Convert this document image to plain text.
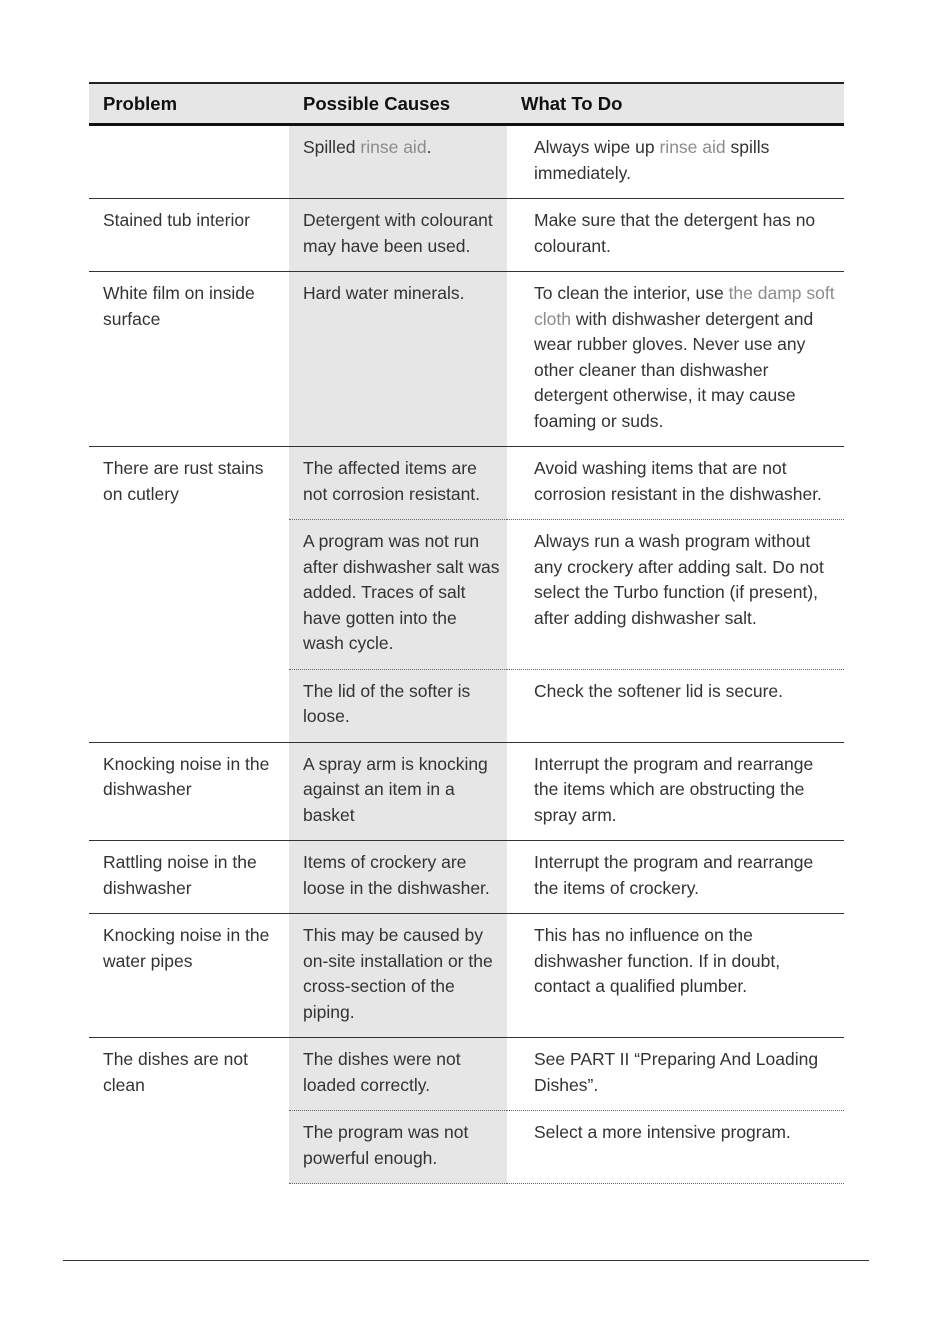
Problem	Possible Causes	What To Do
	Spilled rinse aid.	Always wipe up rinse aid spills immediately.
Stained tub interior	Detergent with colourant may have been used.	Make sure that the detergent has no colourant.
White film on inside surface	Hard water minerals.	To clean the interior, use the damp soft cloth with dishwasher detergent and wear rubber gloves. Never use any other cleaner than dishwasher detergent otherwise, it may cause foaming or suds.
There are rust stains on cutlery	The affected items are not corrosion resistant.	Avoid washing items that are not corrosion resistant in the dishwasher.
	A program was not run after dishwasher salt was added. Traces of salt have gotten into the wash cycle.	Always run a wash program without any crockery after adding salt. Do not select the Turbo function (if present), after adding dishwasher salt.
	The lid of the softer is loose.	Check the softener lid is secure.
Knocking noise in the dishwasher	A spray arm is knocking against an item in a basket	Interrupt the program and rearrange the items which are obstructing the spray arm.
Rattling noise in the dishwasher	Items of crockery are loose in the dishwasher.	Interrupt the program and rearrange the items of crockery.
Knocking noise in the water pipes	This may be caused by on-site installation or the cross-section of the piping.	This has no influence on the dishwasher function. If in doubt, contact a qualified plumber.
The dishes are not clean	The dishes were not loaded correctly.	See PART II “Preparing And Loading Dishes”.
	The program was not powerful enough.	Select a more intensive program.
